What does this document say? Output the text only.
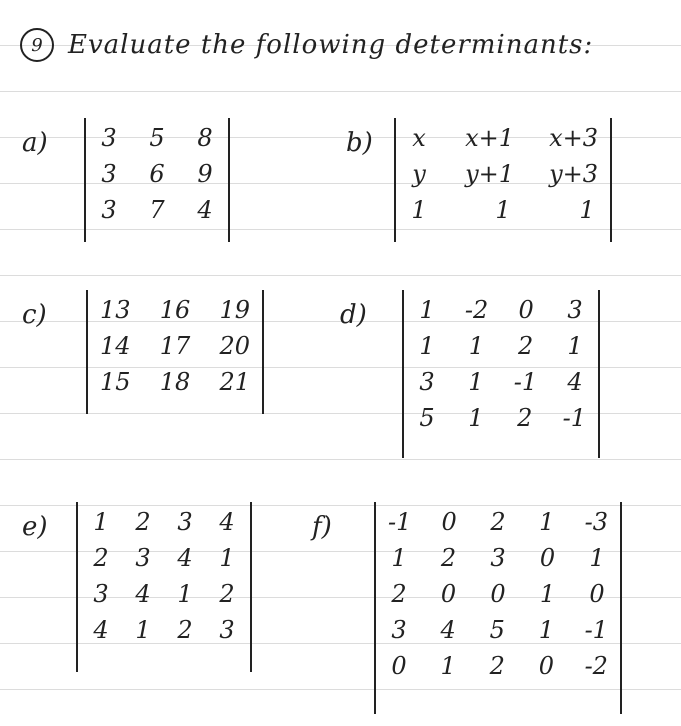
9 Evaluate the following determinants:
a) 3 5 8
3 6 9
3 7 4
b) x x+1 x+3
y y+1 y+3
1	1	1
c) 13 16 19
14 17 20
15 18 21
d) 1 -2 0 3
1 1 2 1
3 1 -1 4
5 1 2 -1
e) 1 2 3 4
2 3 4 1
3 4 1 2
4 1 2 3
f) -1 0 2 1 -3
1 2 3 0 1
2 0 0 1 0
3 4 5 1 -1
0 1 2 0 -2
